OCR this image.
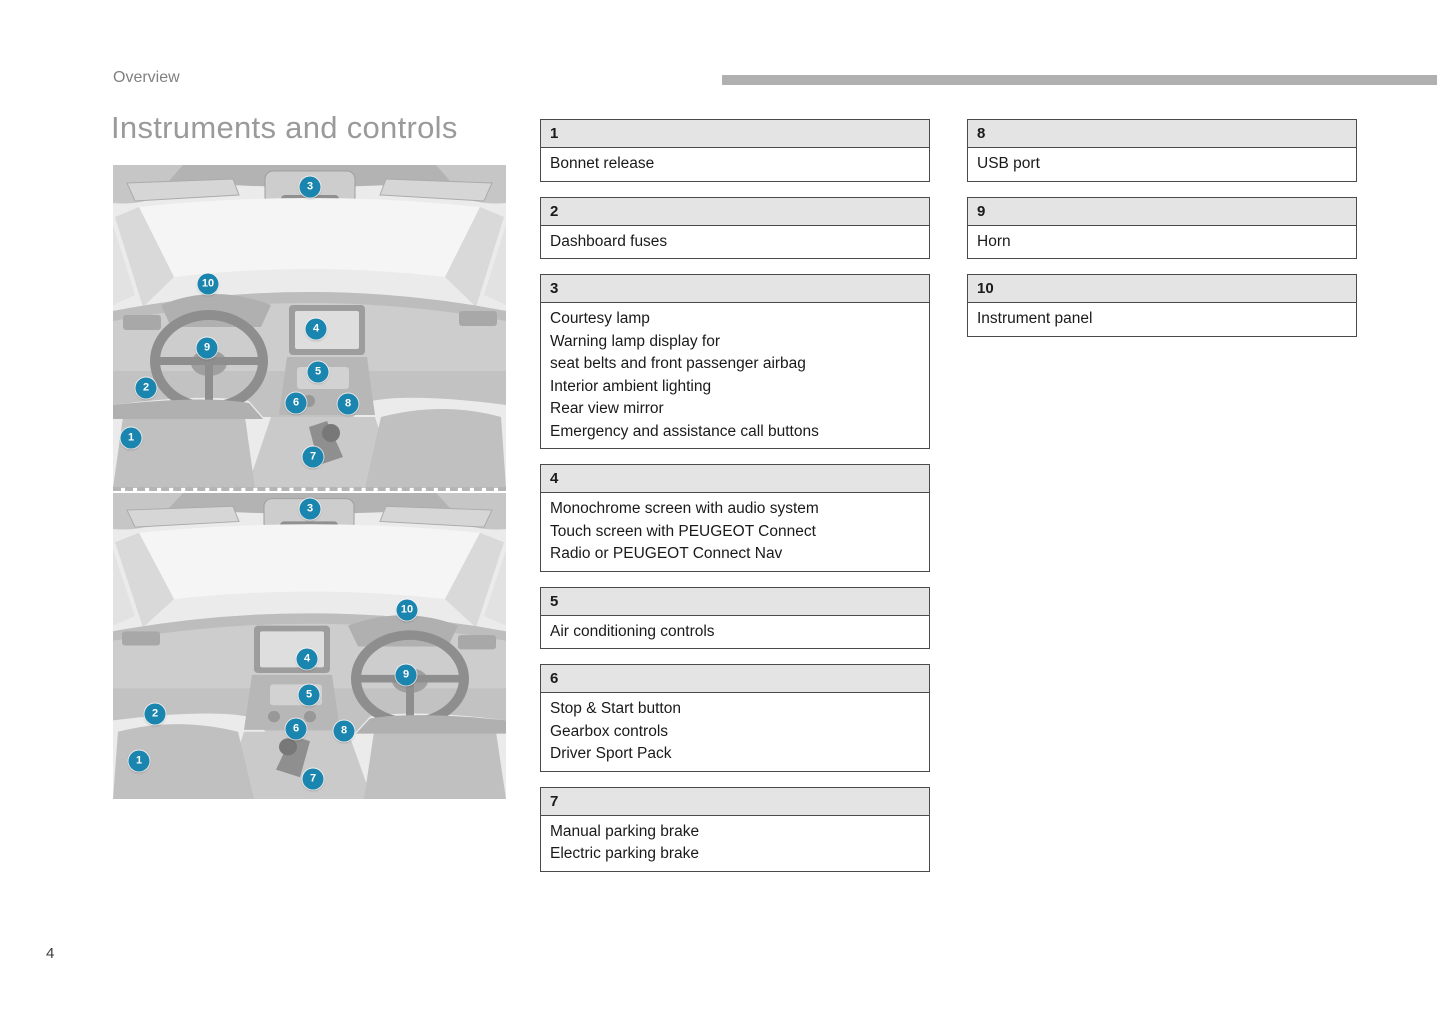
Overview
Instruments and controls
3
10
4
9
5
2
6	8
1
7
3
10
4
9
5
2
6	8
1
7
1
Bonnet release
2
Dashboard fuses
3
Courtesy lamp
Warning lamp display for
seat belts and front passenger airbag
Interior ambient lighting
Rear view mirror
Emergency and assistance call buttons
4
Monochrome screen with audio system
Touch screen with PEUGEOT Connect
Radio or PEUGEOT Connect Nav
5
Air conditioning controls
6
Stop & Start button
Gearbox controls
Driver Sport Pack
7
Manual parking brake
Electric parking brake
8
USB port
9
Horn
10
Instrument panel
4
